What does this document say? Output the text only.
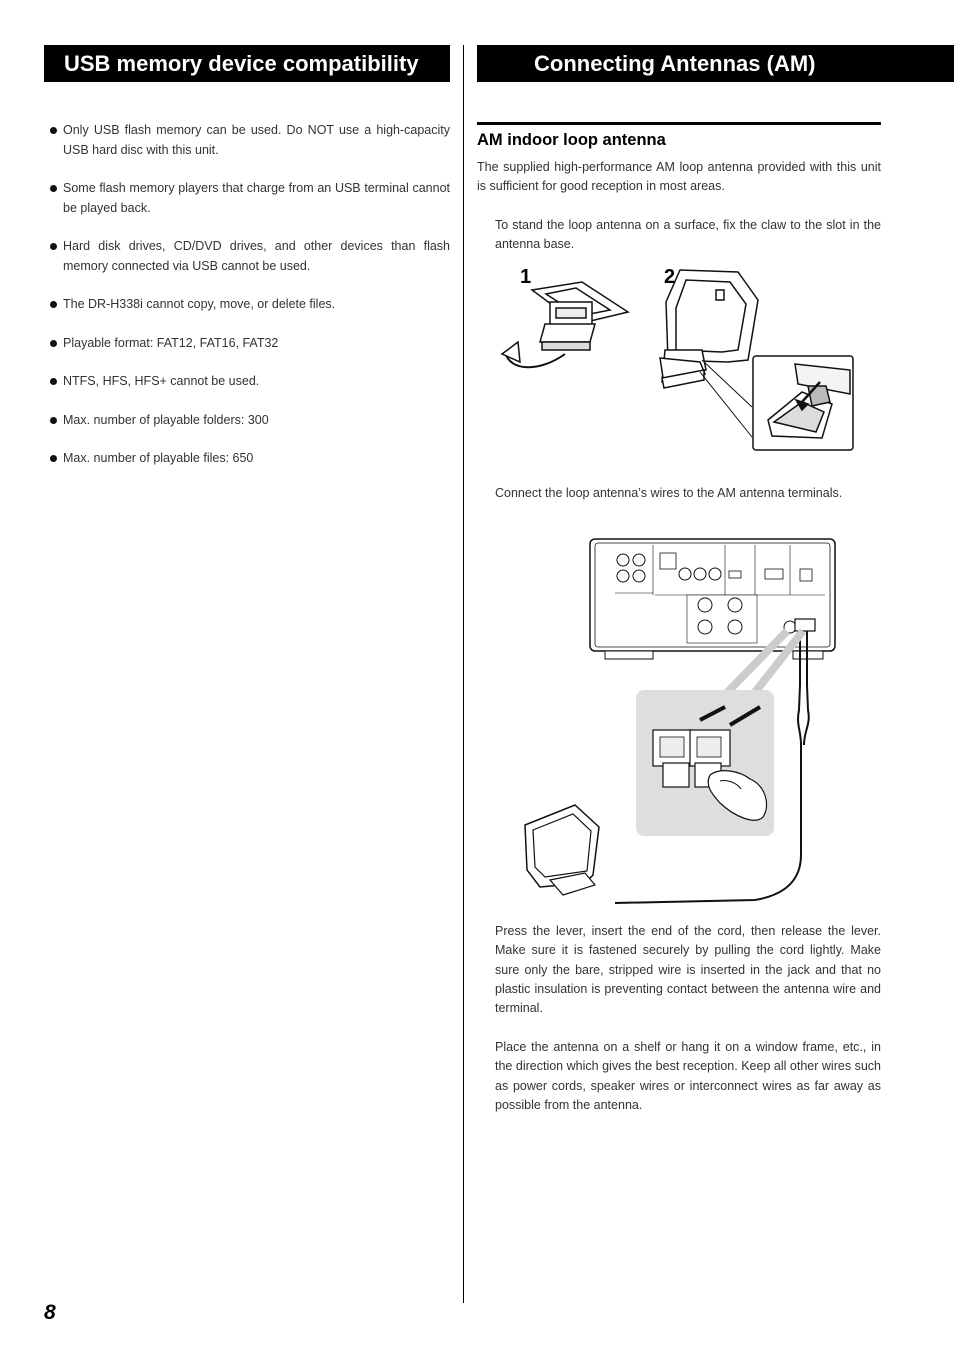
USB memory device compatibility	Connecting Antennas (AM)
Only USB flash memory can be used. Do NOT use a high-capacity USB hard disc with this unit.
Some flash memory players that charge from an USB terminal cannot be played back.
Hard disk drives, CD/DVD drives, and other devices than flash memory connected via USB cannot be used.
The DR-H338i cannot copy, move, or delete files.
Playable format: FAT12, FAT16, FAT32
NTFS, HFS, HFS+ cannot be used.
Max. number of playable folders: 300
Max. number of playable files: 650
AM indoor loop antenna

The supplied high-performance AM loop antenna provided with this unit is sufficient for good reception in most areas.

To stand the loop antenna on a surface, fix the claw to the slot in the antenna base.

1	2

Connect the loop antenna’s wires to the AM antenna terminals.

Press the lever, insert the end of the cord, then release the lever. Make sure it is fastened securely by pulling the cord lightly. Make sure only the bare, stripped wire is inserted in the jack and that no plastic insulation is preventing contact between the antenna wire and terminal.

Place the antenna on a shelf or hang it on a window frame, etc., in the direction which gives the best reception. Keep all other wires such as power cords, speaker wires or interconnect wires as far away as possible from the antenna.

8
